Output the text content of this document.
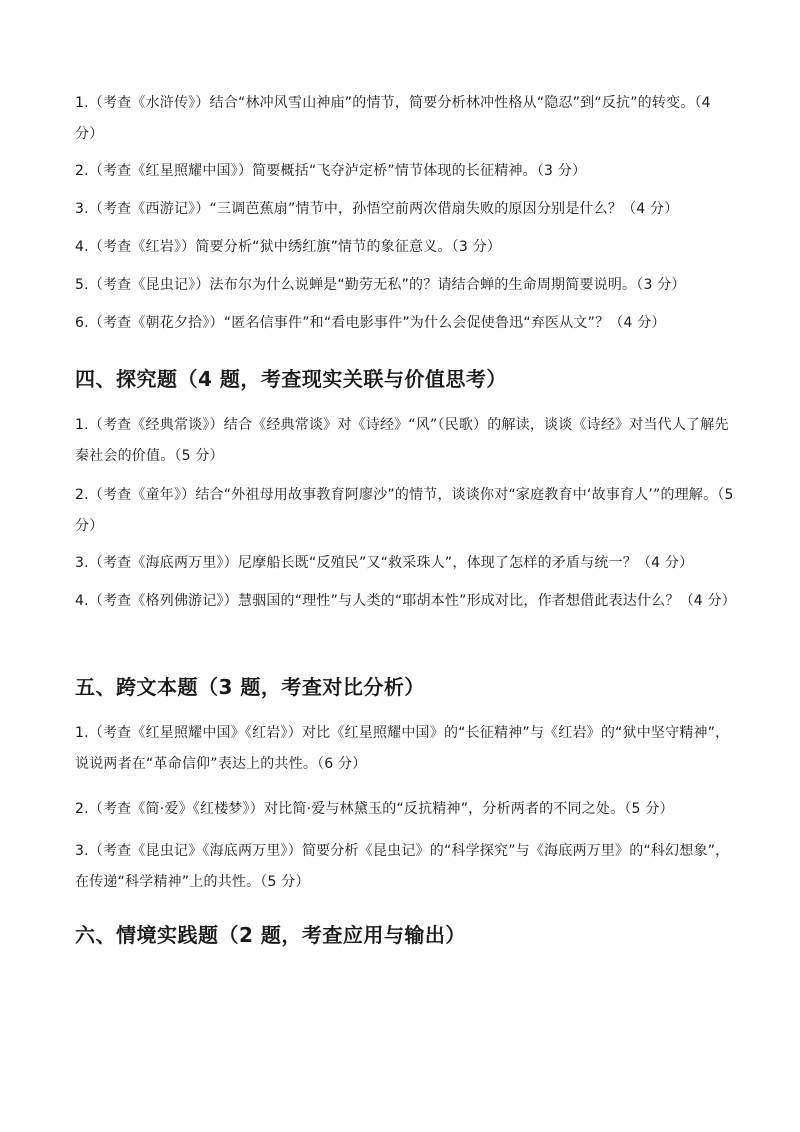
1.（考查《水浒传》）结合“林冲风雪山神庙”的情节，简要分析林冲性格从“隐忍”到“反抗”的转变。（4 分）

2.（考查《红星照耀中国》）简要概括“飞夺泸定桥”情节体现的长征精神。（3 分）

3.（考查《西游记》）“三调芭蕉扇”情节中，孙悟空前两次借扇失败的原因分别是什么？（4 分）

4.（考查《红岩》）简要分析“狱中绣红旗”情节的象征意义。（3 分）

5.（考查《昆虫记》）法布尔为什么说蝉是“勤劳无私”的？请结合蝉的生命周期简要说明。（3 分）

6.（考查《朝花夕拾》）“匿名信事件”和“看电影事件”为什么会促使鲁迅“弃医从文”？（4 分）

四、探究题（4 题，考查现实关联与价值思考）

1.（考查《经典常谈》）结合《经典常谈》对《诗经》“风”（民歌）的解读，谈谈《诗经》对当代人了解先秦社会的价值。（5 分）

2.（考查《童年》）结合“外祖母用故事教育阿廖沙”的情节，谈谈你对“家庭教育中‘故事育人’”的理解。（5 分）

3.（考查《海底两万里》）尼摩船长既“反殖民”又“救采珠人”，体现了怎样的矛盾与统一？（4 分）

4.（考查《格列佛游记》）慧骃国的“理性”与人类的“耶胡本性”形成对比，作者想借此表达什么？（4 分）

五、跨文本题（3 题，考查对比分析）

1.（考查《红星照耀中国》《红岩》）对比《红星照耀中国》的“长征精神”与《红岩》的“狱中坚守精神”，说说两者在“革命信仰”表达上的共性。（6 分）

2.（考查《简·爱》《红楼梦》）对比简·爱与林黛玉的“反抗精神”，分析两者的不同之处。（5 分）

3.（考查《昆虫记》《海底两万里》）简要分析《昆虫记》的“科学探究”与《海底两万里》的“科幻想象”，在传递“科学精神”上的共性。（5 分）

六、情境实践题（2 题，考查应用与输出）
